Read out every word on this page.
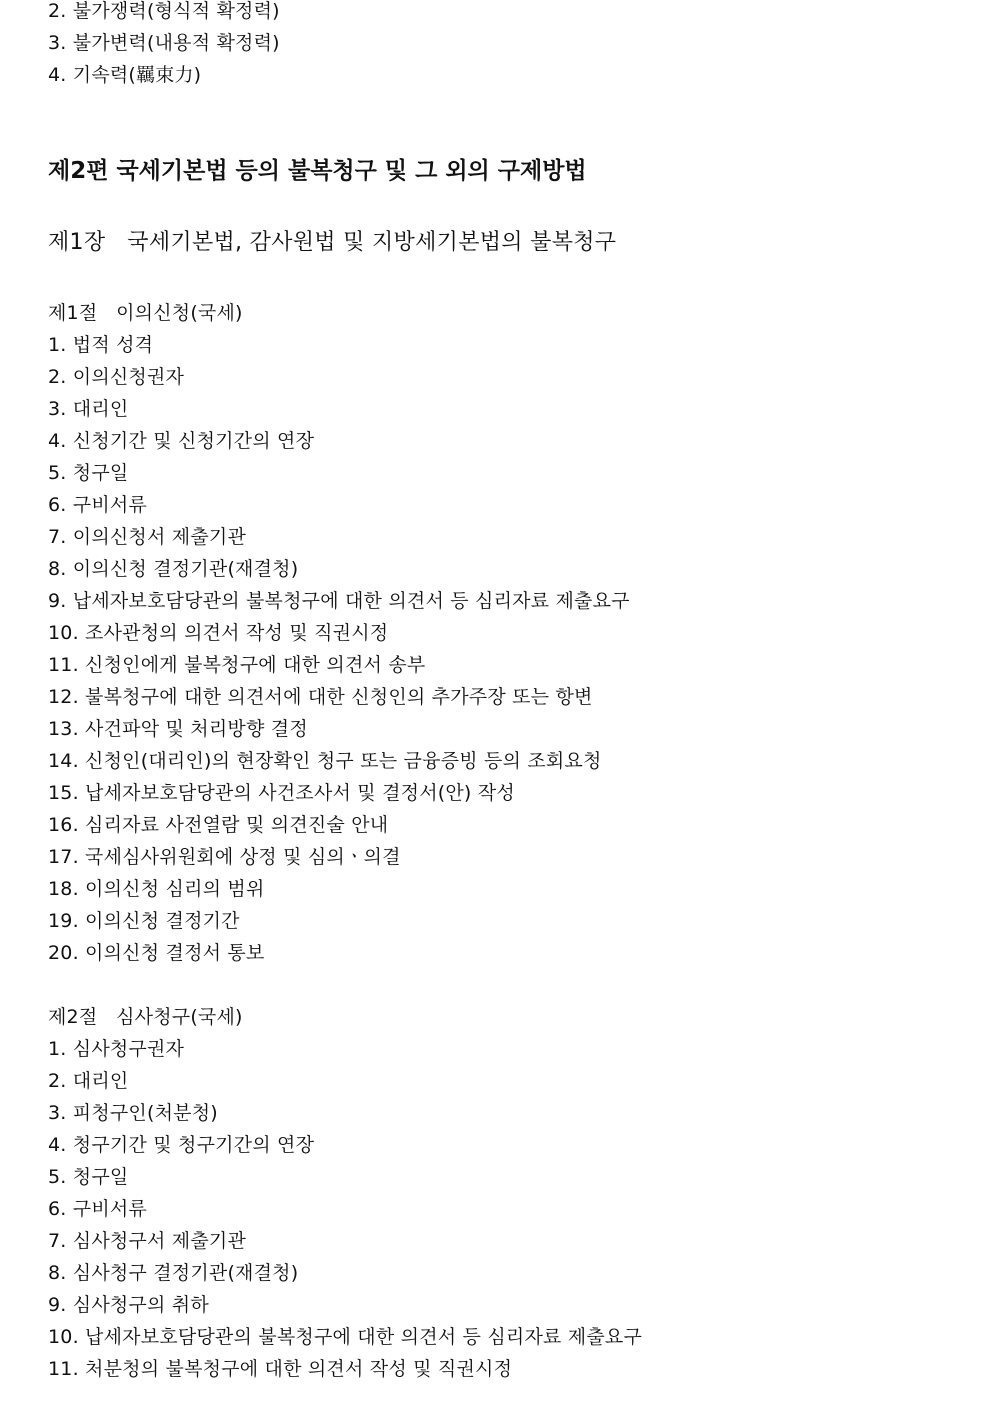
2. 불가쟁력(형식적 확정력)
3. 불가변력(내용적 확정력)
4. 기속력(羈束力)
제2편 국세기본법 등의 불복청구 및 그 외의 구제방법
제1장 국세기본법, 감사원법 및 지방세기본법의 불복청구
제1절 이의신청(국세)
1. 법적 성격
2. 이의신청권자
3. 대리인
4. 신청기간 및 신청기간의 연장
5. 청구일
6. 구비서류
7. 이의신청서 제출기관
8. 이의신청 결정기관(재결청)
9. 납세자보호담당관의 불복청구에 대한 의견서 등 심리자료 제출요구
10. 조사관청의 의견서 작성 및 직권시정
11. 신청인에게 불복청구에 대한 의견서 송부
12. 불복청구에 대한 의견서에 대한 신청인의 추가주장 또는 항변
13. 사건파악 및 처리방향 결정
14. 신청인(대리인)의 현장확인 청구 또는 금융증빙 등의 조회요청
15. 납세자보호담당관의 사건조사서 및 결정서(안) 작성
16. 심리자료 사전열람 및 의견진술 안내
17. 국세심사위원회에 상정 및 심의ㆍ의결
18. 이의신청 심리의 범위
19. 이의신청 결정기간
20. 이의신청 결정서 통보
제2절 심사청구(국세)
1. 심사청구권자
2. 대리인
3. 피청구인(처분청)
4. 청구기간 및 청구기간의 연장
5. 청구일
6. 구비서류
7. 심사청구서 제출기관
8. 심사청구 결정기관(재결청)
9. 심사청구의 취하
10. 납세자보호담당관의 불복청구에 대한 의견서 등 심리자료 제출요구
11. 처분청의 불복청구에 대한 의견서 작성 및 직권시정
